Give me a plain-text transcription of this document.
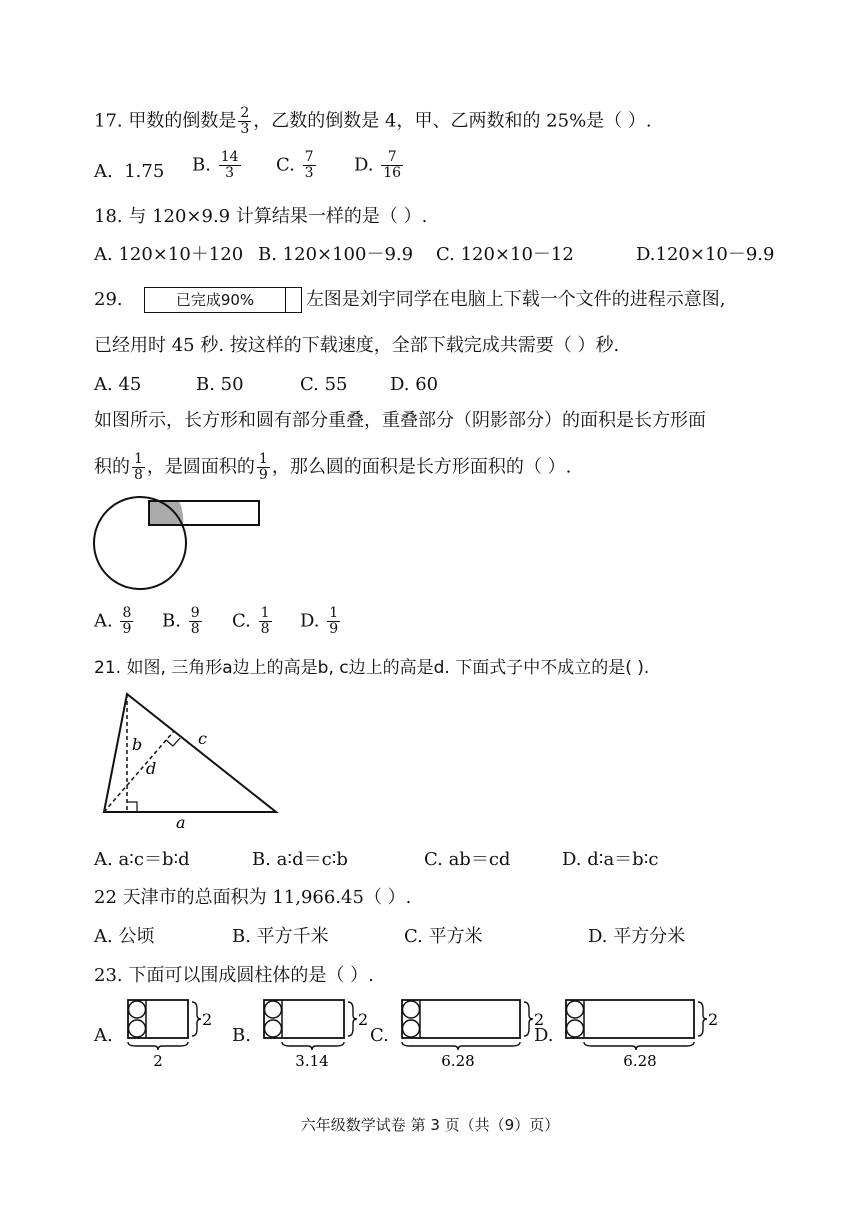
17. 甲数的倒数是 $\frac{2}{3}$ ，乙数的倒数是 4，甲、乙两数和的 25%是（ ）.
A. 1.75 B. $\frac{14}{3} C$. $\frac{7}{3} D$. $\frac{7}{16}$
18. 与 120×9.9 计算结果一样的是（ ）.
A. 120×10＋120 B. 120×100－9.9 C. 120×10－12	D.120×10－9.9
29.	已完成90%	左图是刘宇同学在电脑上下载一个文件的进程示意图,
已经用时 45 秒. 按这样的下载速度，全部下载完成共需要（ ）秒.
A. 45	B. 50	C. 55 D. 60
如图所示，长方形和圆有部分重叠，重叠部分（阴影部分）的面积是长方形面
积的 $\frac{1}{8}$ ，是圆面积的 $\frac{1}{9}$ ，那么圆的面积是长方形面积的（ ）.
A. $\frac{8}{9} B$. $\frac{9}{8} C$. $\frac{1}{8} D$. $\frac{1}{9}$
21. 如图, 三角形a边上的高是b, c边上的高是d. 下面式子中不成立的是( ).
b
d
c
a
A. a∶c＝b∶d	B. a∶d＝c∶b	C. ab＝cd	D. d∶a＝b∶c
22 天津市的总面积为 11,966.45（ ）.
A. 公顷	B. 平方千米	C. 平方米	D. 平方分米
23. 下面可以围成圆柱体的是（ ）.
A.
2
2
B.
2
3.14
C.
2
6.28
D.
2
6.28
六年级数学试卷 第 3 页（共（9）页）
